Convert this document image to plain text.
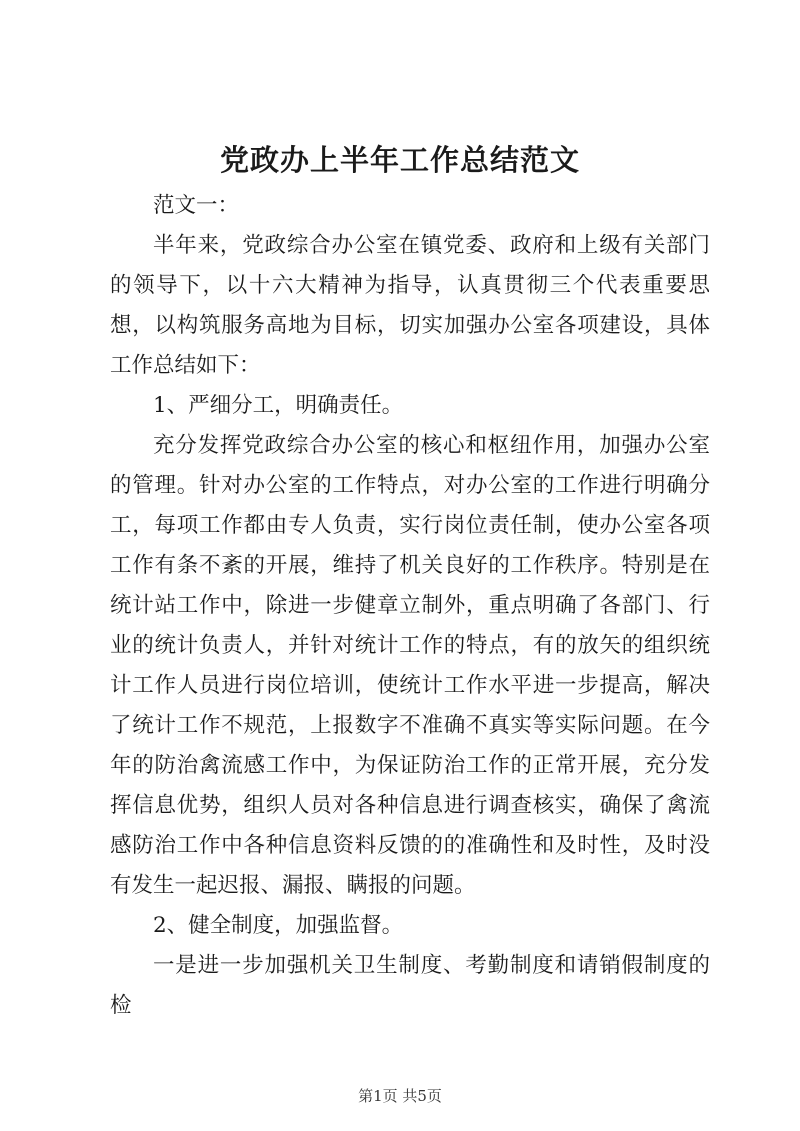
党政办上半年工作总结范文

范文一：

半年来，党政综合办公室在镇党委、政府和上级有关部门的领导下，以十六大精神为指导，认真贯彻三个代表重要思想，以构筑服务高地为目标，切实加强办公室各项建设，具体工作总结如下：

1、严细分工，明确责任。

充分发挥党政综合办公室的核心和枢纽作用，加强办公室的管理。针对办公室的工作特点，对办公室的工作进行明确分工，每项工作都由专人负责，实行岗位责任制，使办公室各项工作有条不紊的开展，维持了机关良好的工作秩序。特别是在统计站工作中，除进一步健章立制外，重点明确了各部门、行业的统计负责人，并针对统计工作的特点，有的放矢的组织统计工作人员进行岗位培训，使统计工作水平进一步提高，解决了统计工作不规范，上报数字不准确不真实等实际问题。在今年的防治禽流感工作中，为保证防治工作的正常开展，充分发挥信息优势，组织人员对各种信息进行调查核实，确保了禽流感防治工作中各种信息资料反馈的的准确性和及时性，及时没有发生一起迟报、漏报、瞒报的问题。

2、健全制度，加强监督。

一是进一步加强机关卫生制度、考勤制度和请销假制度的检

第1页 共5页
